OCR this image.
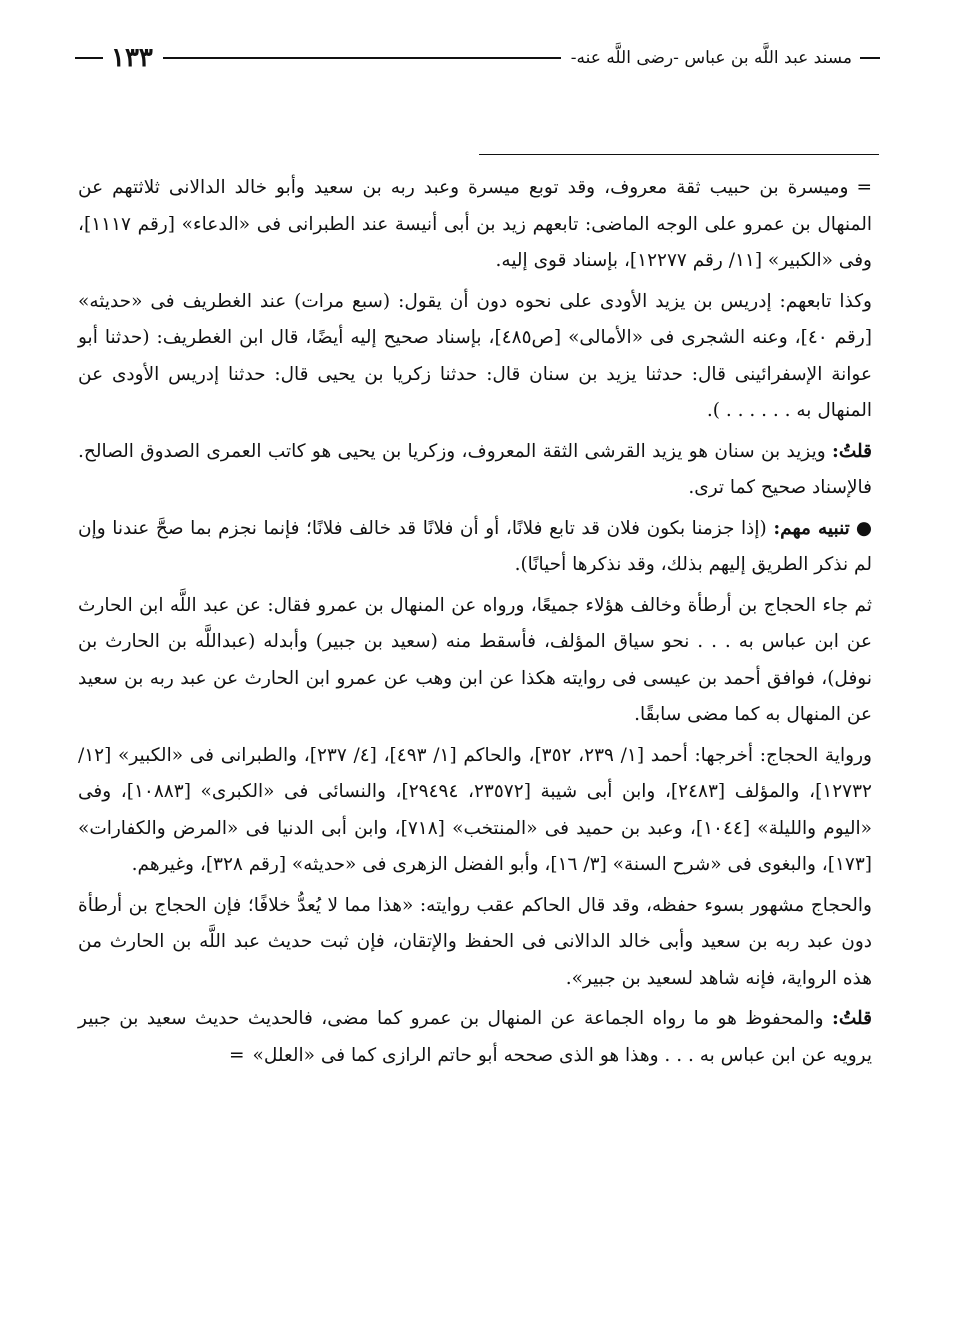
مسند عبد اللَّه بن عباس -رضى اللَّه عنه-
١٣٣

=وميسرة بن حبيب ثقة معروف، وقد توبع ميسرة وعبد ربه بن سعيد وأبو خالد الدالانى ثلاثتهم عن المنهال بن عمرو على الوجه الماضى: تابعهم زيد بن أبى أنيسة عند الطبرانى فى «الدعاء» [رقم ١١١٧]، وفى «الكبير» [١١/ رقم ١٢٢٧٧]، بإسناد قوى إليه.

وكذا تابعهم: إدريس بن يزيد الأودى على نحوه دون أن يقول: (سبع مرات) عند الغطريف فى «حديثه» [رقم ٤٠]، وعنه الشجرى فى «الأمالى» [ص٤٨٥]، بإسناد صحيح إليه أيضًا، قال ابن الغطريف: (حدثنا أبو عوانة الإسفرائينى قال: حدثنا يزيد بن سنان قال: حدثنا زكريا بن يحيى قال: حدثنا إدريس الأودى عن المنهال به . . . . . . ).

قلتُ: ويزيد بن سنان هو يزيد القرشى الثقة المعروف، وزكريا بن يحيى هو كاتب العمرى الصدوق الصالح. فالإسناد صحيح كما ترى.

●تنبيه مهم: (إذا جزمنا بكون فلان قد تابع فلانًا، أو أن فلانًا قد خالف فلانًا؛ فإنما نجزم بما صحَّ عندنا وإن لم نذكر الطريق إليهم بذلك، وقد نذكرها أحيانًا).

ثم جاء الحجاج بن أرطأة وخالف هؤلاء جميعًا، ورواه عن المنهال بن عمرو فقال: عن عبد اللَّه ابن الحارث عن ابن عباس به . . . نحو سياق المؤلف، فأسقط منه (سعيد بن جبير) وأبدله (عبداللَّه بن الحارث بن نوفل)، فوافق أحمد بن عيسى فى روايته هكذا عن ابن وهب عن عمرو ابن الحارث عن عبد ربه بن سعيد عن المنهال به كما مضى سابقًا.

ورواية الحجاج: أخرجها: أحمد [١/ ٢٣٩، ٣٥٢]، والحاكم [١/ ٤٩٣]، [٤/ ٢٣٧]، والطبرانى فى «الكبير» [١٢/ ١٢٧٣٢]، والمؤلف [٢٤٨٣]، وابن أبى شيبة [٢٣٥٧٢، ٢٩٤٩٤]، والنسائى فى «الكبرى» [١٠٨٨٣]، وفى «اليوم والليلة» [١٠٤٤]، وعبد بن حميد فى «المنتخب» [٧١٨]، وابن أبى الدنيا فى «المرض والكفارات» [١٧٣]، والبغوى فى «شرح السنة» [٣/ ١٦]، وأبو الفضل الزهرى فى «حديثه» [رقم ٣٢٨]، وغيرهم.

والحجاج مشهور بسوء حفظه، وقد قال الحاكم عقب روايته: «هذا مما لا يُعدُّ خلافًا؛ فإن الحجاج بن أرطأة دون عبد ربه بن سعيد وأبى خالد الدالانى فى الحفظ والإتقان، فإن ثبت حديث عبد اللَّه بن الحارث من هذه الرواية، فإنه شاهد لسعيد بن جبير».

قلتُ: والمحفوظ هو ما رواه الجماعة عن المنهال بن عمرو كما مضى، فالحديث حديث سعيد بن جبير يرويه عن ابن عباس به . . . وهذا هو الذى صححه أبو حاتم الرازى كما فى «العلل»=
